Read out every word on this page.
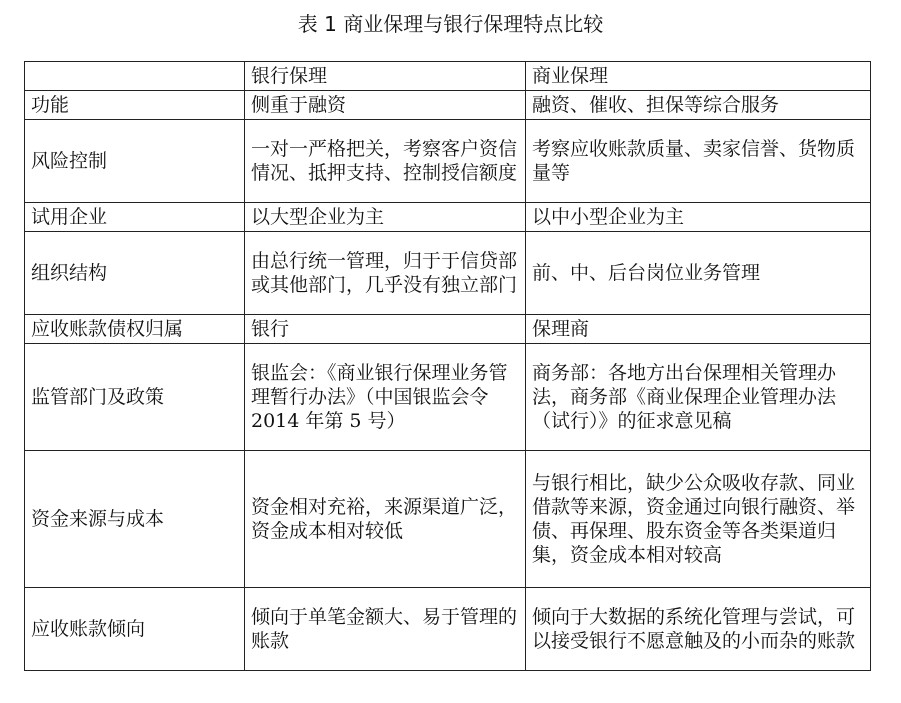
表 1 商业保理与银行保理特点比较
	银行保理	商业保理
功能	侧重于融资	融资、催收、担保等综合服务
风险控制	一对一严格把关，考察客户资信情况、抵押支持、控制授信额度	考察应收账款质量、卖家信誉、货物质量等
试用企业	以大型企业为主	以中小型企业为主
组织结构	由总行统一管理，归于于信贷部或其他部门，几乎没有独立部门	前、中、后台岗位业务管理
应收账款债权归属	银行	保理商
监管部门及政策	银监会：《商业银行保理业务管理暂行办法》（中国银监会令 2014 年第 5 号）	商务部：各地方出台保理相关管理办法，商务部《商业保理企业管理办法（试行）》的征求意见稿
资金来源与成本	资金相对充裕，来源渠道广泛，资金成本相对较低	与银行相比，缺少公众吸收存款、同业借款等来源，资金通过向银行融资、举债、再保理、股东资金等各类渠道归集，资金成本相对较高
应收账款倾向	倾向于单笔金额大、易于管理的账款	倾向于大数据的系统化管理与尝试，可以接受银行不愿意触及的小而杂的账款
